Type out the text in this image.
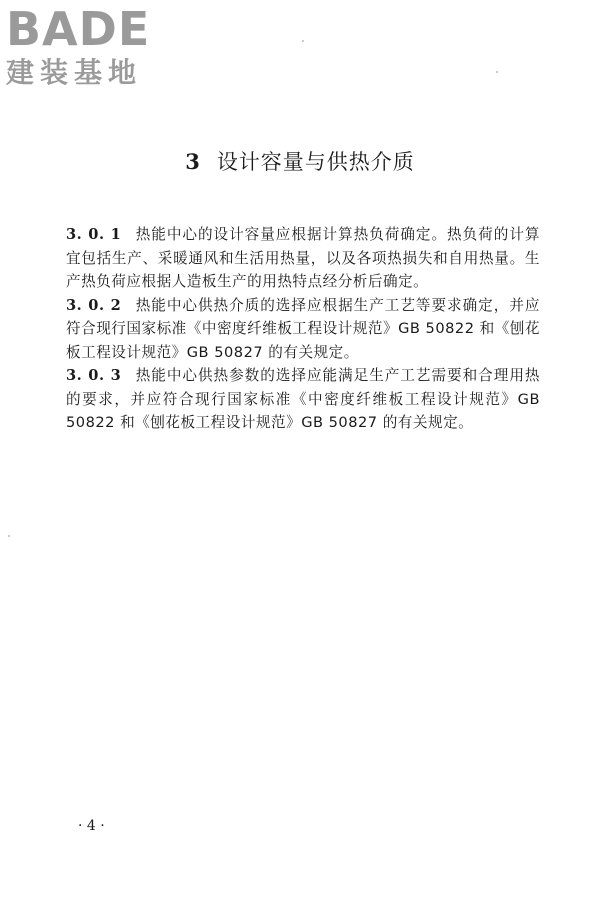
BADE
建装基地
3 设计容量与供热介质

3. 0. 1 热能中心的设计容量应根据计算热负荷确定。热负荷的计算宜包括生产、采暖通风和生活用热量，以及各项热损失和自用热量。生产热负荷应根据人造板生产的用热特点经分析后确定。

3. 0. 2 热能中心供热介质的选择应根据生产工艺等要求确定，并应符合现行国家标准《中密度纤维板工程设计规范》GB 50822 和《刨花板工程设计规范》GB 50827 的有关规定。

3. 0. 3 热能中心供热参数的选择应能满足生产工艺需要和合理用热的要求，并应符合现行国家标准《中密度纤维板工程设计规范》GB 50822 和《刨花板工程设计规范》GB 50827 的有关规定。

· 4 ·
